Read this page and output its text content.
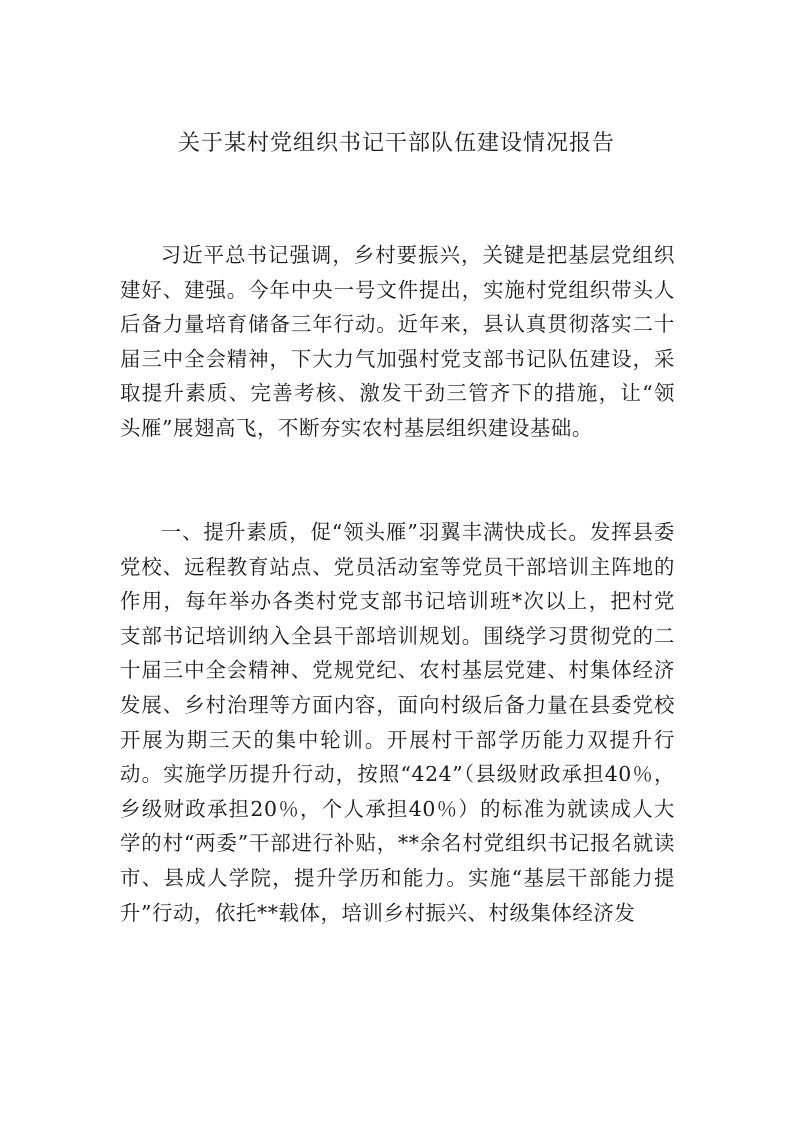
关于某村党组织书记干部队伍建设情况报告

习近平总书记强调，乡村要振兴，关键是把基层党组织建好、建强。今年中央一号文件提出，实施村党组织带头人后备力量培育储备三年行动。近年来，县认真贯彻落实二十届三中全会精神，下大力气加强村党支部书记队伍建设，采取提升素质、完善考核、激发干劲三管齐下的措施，让“领头雁”展翅高飞，不断夯实农村基层组织建设基础。

一、提升素质，促“领头雁”羽翼丰满快成长。发挥县委党校、远程教育站点、党员活动室等党员干部培训主阵地的作用，每年举办各类村党支部书记培训班*次以上，把村党支部书记培训纳入全县干部培训规划。围绕学习贯彻党的二十届三中全会精神、党规党纪、农村基层党建、村集体经济发展、乡村治理等方面内容，面向村级后备力量在县委党校开展为期三天的集中轮训。开展村干部学历能力双提升行动。实施学历提升行动，按照“424”（县级财政承担40％，乡级财政承担20％，个人承担40％）的标准为就读成人大学的村“两委”干部进行补贴，**余名村党组织书记报名就读市、县成人学院，提升学历和能力。实施“基层干部能力提升”行动，依托**载体，培训乡村振兴、村级集体经济发
